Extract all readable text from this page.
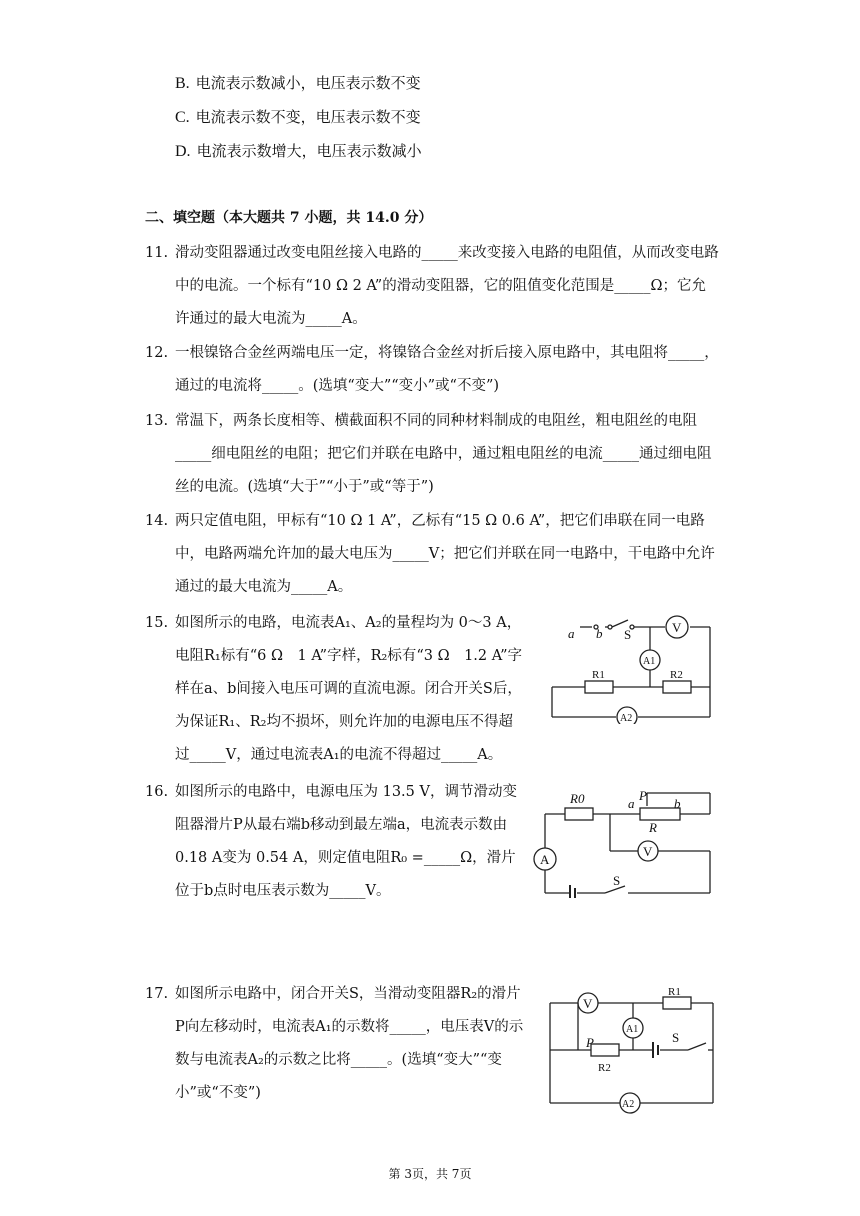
B. 电流表示数减小，电压表示数不变
C. 电流表示数不变，电压表示数不变
D. 电流表示数增大，电压表示数减小
二、填空题（本大题共 7 小题，共 14.0 分）
11. 滑动变阻器通过改变电阻丝接入电路的_____来改变接入电路的电阻值，从而改变电路中的电流。一个标有“10 Ω 2 A”的滑动变阻器，它的阻值变化范围是_____Ω；它允许通过的最大电流为_____A。
12. 一根镍铬合金丝两端电压一定，将镍铬合金丝对折后接入原电路中，其电阻将_____，通过的电流将_____。(选填“变大”“变小”或“不变”)
13. 常温下，两条长度相等、横截面积不同的同种材料制成的电阻丝，粗电阻丝的电阻_____细电阻丝的电阻；把它们并联在电路中，通过粗电阻丝的电流_____通过细电阻丝的电流。(选填“大于”“小于”或“等于”)
14. 两只定值电阻，甲标有“10 Ω 1 A”，乙标有“15 Ω 0.6 A”，把它们串联在同一电路中，电路两端允许加的最大电压为_____V；把它们并联在同一电路中，干电路中允许通过的最大电流为_____A。
15. 如图所示的电路，电流表A₁、A₂的量程均为 0～3 A，电阻R₁标有“6 Ω　1 A”字样，R₂标有“3 Ω　1.2 A”字样在a、b间接入电压可调的直流电源。闭合开关S后，为保证R₁、R₂均不损坏，则允许加的电源电压不得超过_____V，通过电流表A₁的电流不得超过_____A。
16. 如图所示的电路中，电源电压为 13.5 V，调节滑动变阻器滑片P从最右端b移动到最左端a，电流表示数由 0.18 A变为 0.54 A，则定值电阻R₀ =_____Ω，滑片位于b点时电压表示数为_____V。
17. 如图所示电路中，闭合开关S，当滑动变阻器R₂的滑片P向左移动时，电流表A₁的示数将_____，电压表V的示数与电流表A₂的示数之比将_____。(选填“变大”“变小”或“不变”)
a b S	V
A1
R1	R2
A2
R0	a
P
b
R
A
V
S
V
R1
A1
P	S
R2
A2
第 3页，共 7页
